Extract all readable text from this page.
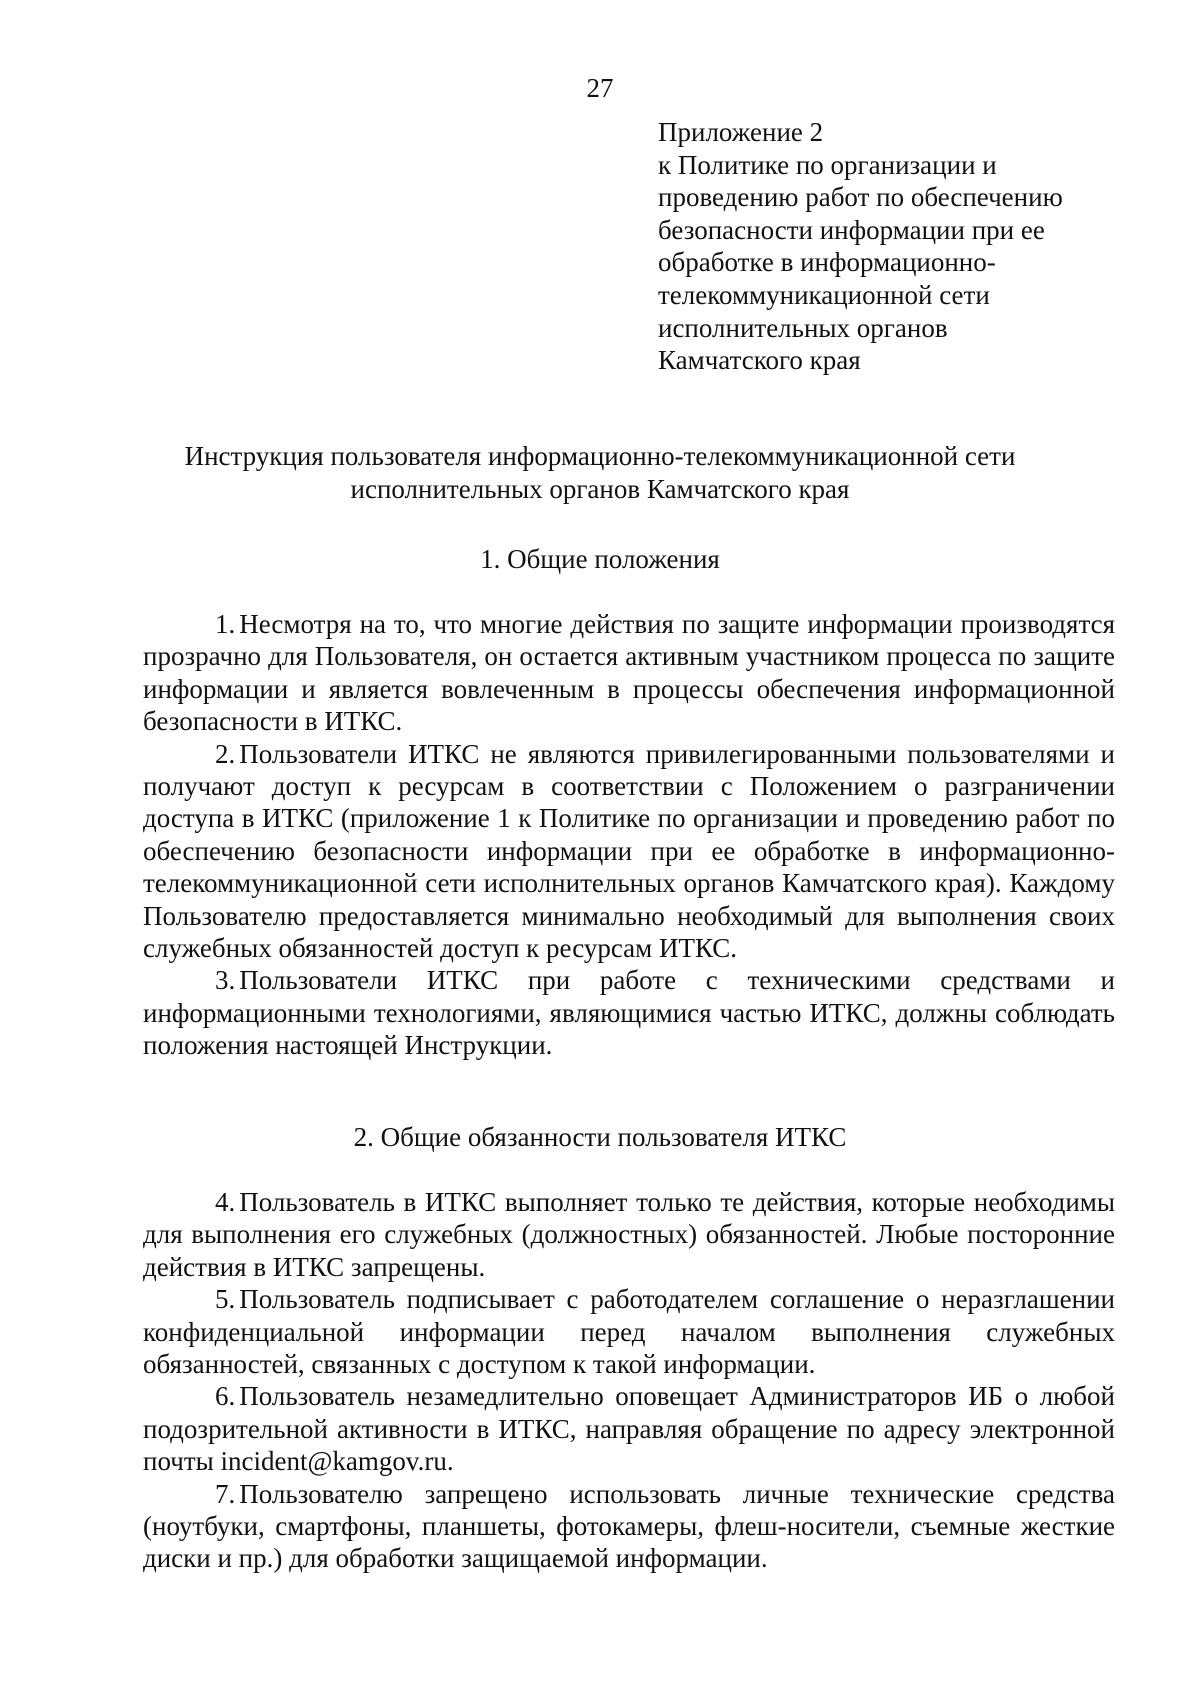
27
Приложение 2
к Политике по организации и
проведению работ по обеспечению
безопасности информации при ее
обработке в информационно-
телекоммуникационной сети
исполнительных органов
Камчатского края
Инструкция пользователя информационно-телекоммуникационной сети
исполнительных органов Камчатского края
1. Общие положения

1. Несмотря на то, что многие действия по защите информации производятся прозрачно для Пользователя, он остается активным участником процесса по защите информации и является вовлеченным в процессы обеспечения информационной безопасности в ИТКС.

2. Пользователи ИТКС не являются привилегированными пользователями и получают доступ к ресурсам в соответствии с Положением о разграничении доступа в ИТКС (приложение 1 к Политике по организации и проведению работ по обеспечению безопасности информации при ее обработке в информационно-телекоммуникационной сети исполнительных органов Камчатского края). Каждому Пользователю предоставляется минимально необходимый для выполнения своих служебных обязанностей доступ к ресурсам ИТКС.

3. Пользователи ИТКС при работе с техническими средствами и информационными технологиями, являющимися частью ИТКС, должны соблюдать положения настоящей Инструкции.

2. Общие обязанности пользователя ИТКС

4. Пользователь в ИТКС выполняет только те действия, которые необходимы для выполнения его служебных (должностных) обязанностей. Любые посторонние действия в ИТКС запрещены.

5. Пользователь подписывает с работодателем соглашение о неразглашении конфиденциальной информации перед началом выполнения служебных обязанностей, связанных с доступом к такой информации.

6. Пользователь незамедлительно оповещает Администраторов ИБ о любой подозрительной активности в ИТКС, направляя обращение по адресу электронной почты incident@kamgov.ru.

7. Пользователю запрещено использовать личные технические средства (ноутбуки, смартфоны, планшеты, фотокамеры, флеш-носители, съемные жесткие диски и пр.) для обработки защищаемой информации.
